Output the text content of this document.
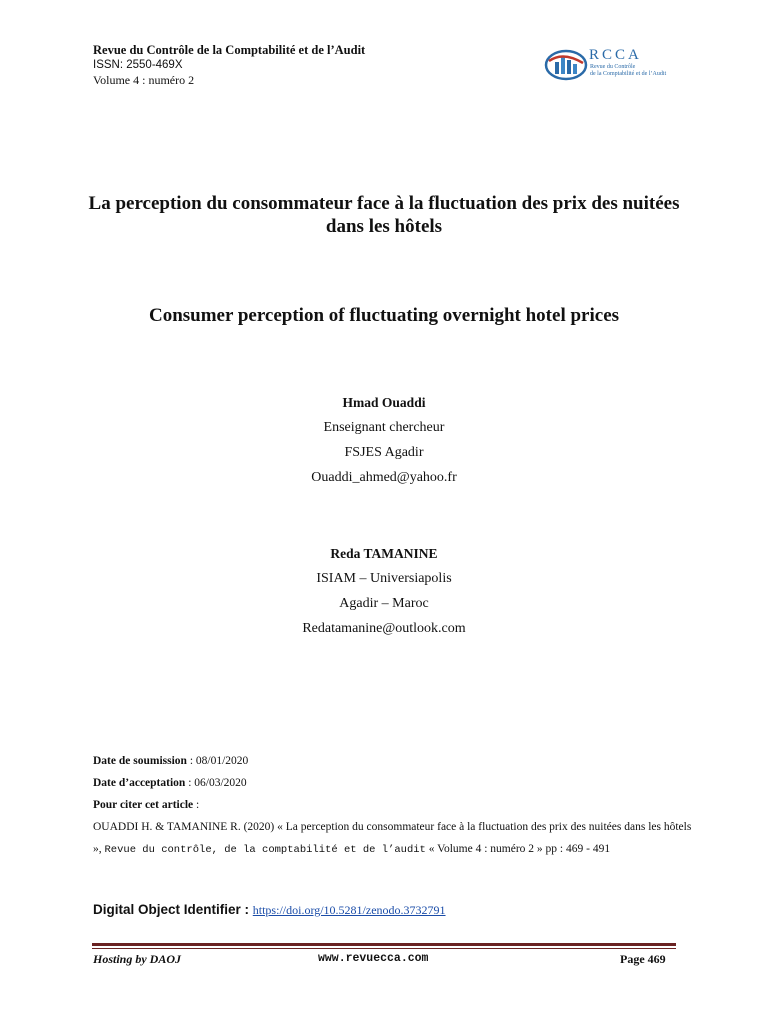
Revue du Contrôle de la Comptabilité et de l’Audit
ISSN: 2550-469X
Volume 4 : numéro 2
RCCA
Revue du Contrôle
de la Comptabilité et de l’Audit
La perception du consommateur face à la fluctuation des prix des nuitées dans les hôtels
Consumer perception of fluctuating overnight hotel prices
Hmad Ouaddi
Enseignant chercheur
FSJES Agadir
Ouaddi_ahmed@yahoo.fr
Reda TAMANINE
ISIAM – Universiapolis
Agadir – Maroc
Redatamanine@outlook.com
Date de soumission : 08/01/2020
Date d’acceptation : 06/03/2020
Pour citer cet article :
OUADDI H. & TAMANINE R. (2020) « La perception du consommateur face à la fluctuation des prix des nuitées dans les hôtels », Revue du contrôle, de la comptabilité et de l’audit « Volume 4 : numéro 2 » pp : 469 - 491
Digital Object Identifier : https://doi.org/10.5281/zenodo.3732791
Hosting by DAOJ	www.revuecca.com	Page 469
